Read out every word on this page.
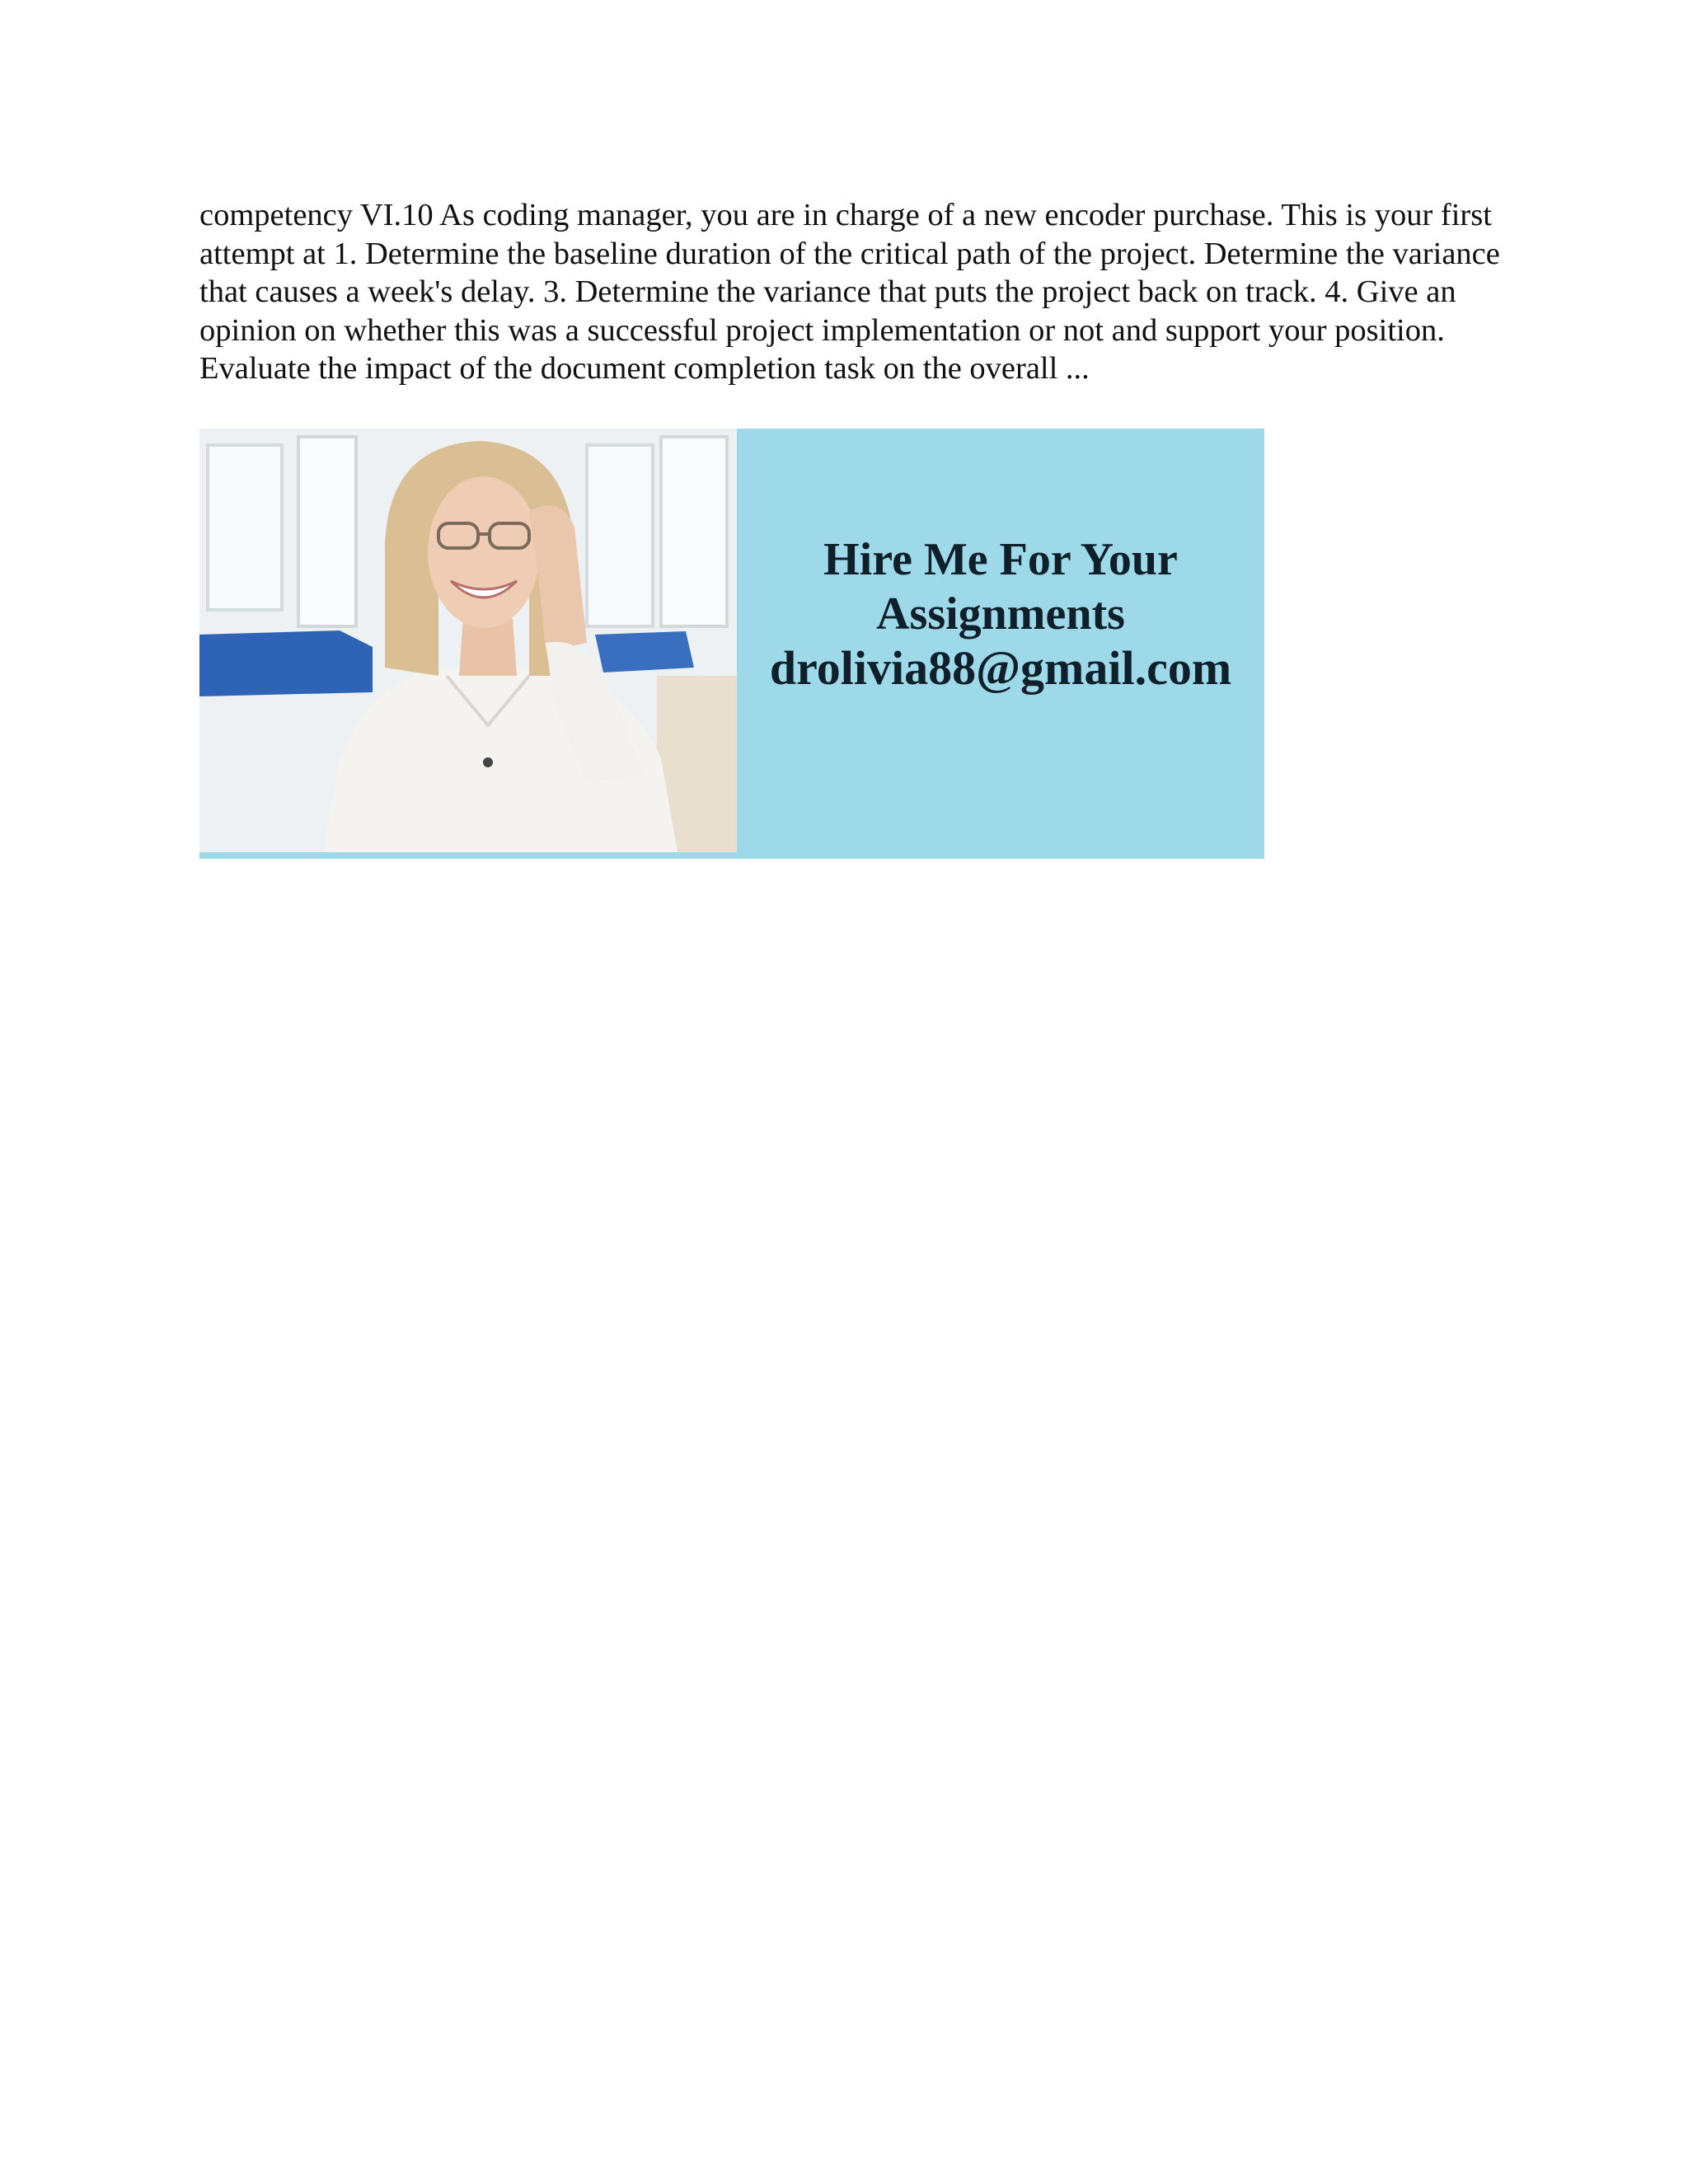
competency VI.10 As coding manager, you are in charge of a new encoder purchase. This is your first attempt at 1. Determine the baseline duration of the critical path of the project. Determine the variance that causes a week's delay. 3. Determine the variance that puts the project back on track. 4. Give an opinion on whether this was a successful project implementation or not and support your position. Evaluate the impact of the document completion task on the overall ...

Hire Me For Your
Assignments
drolivia88@gmail.com
